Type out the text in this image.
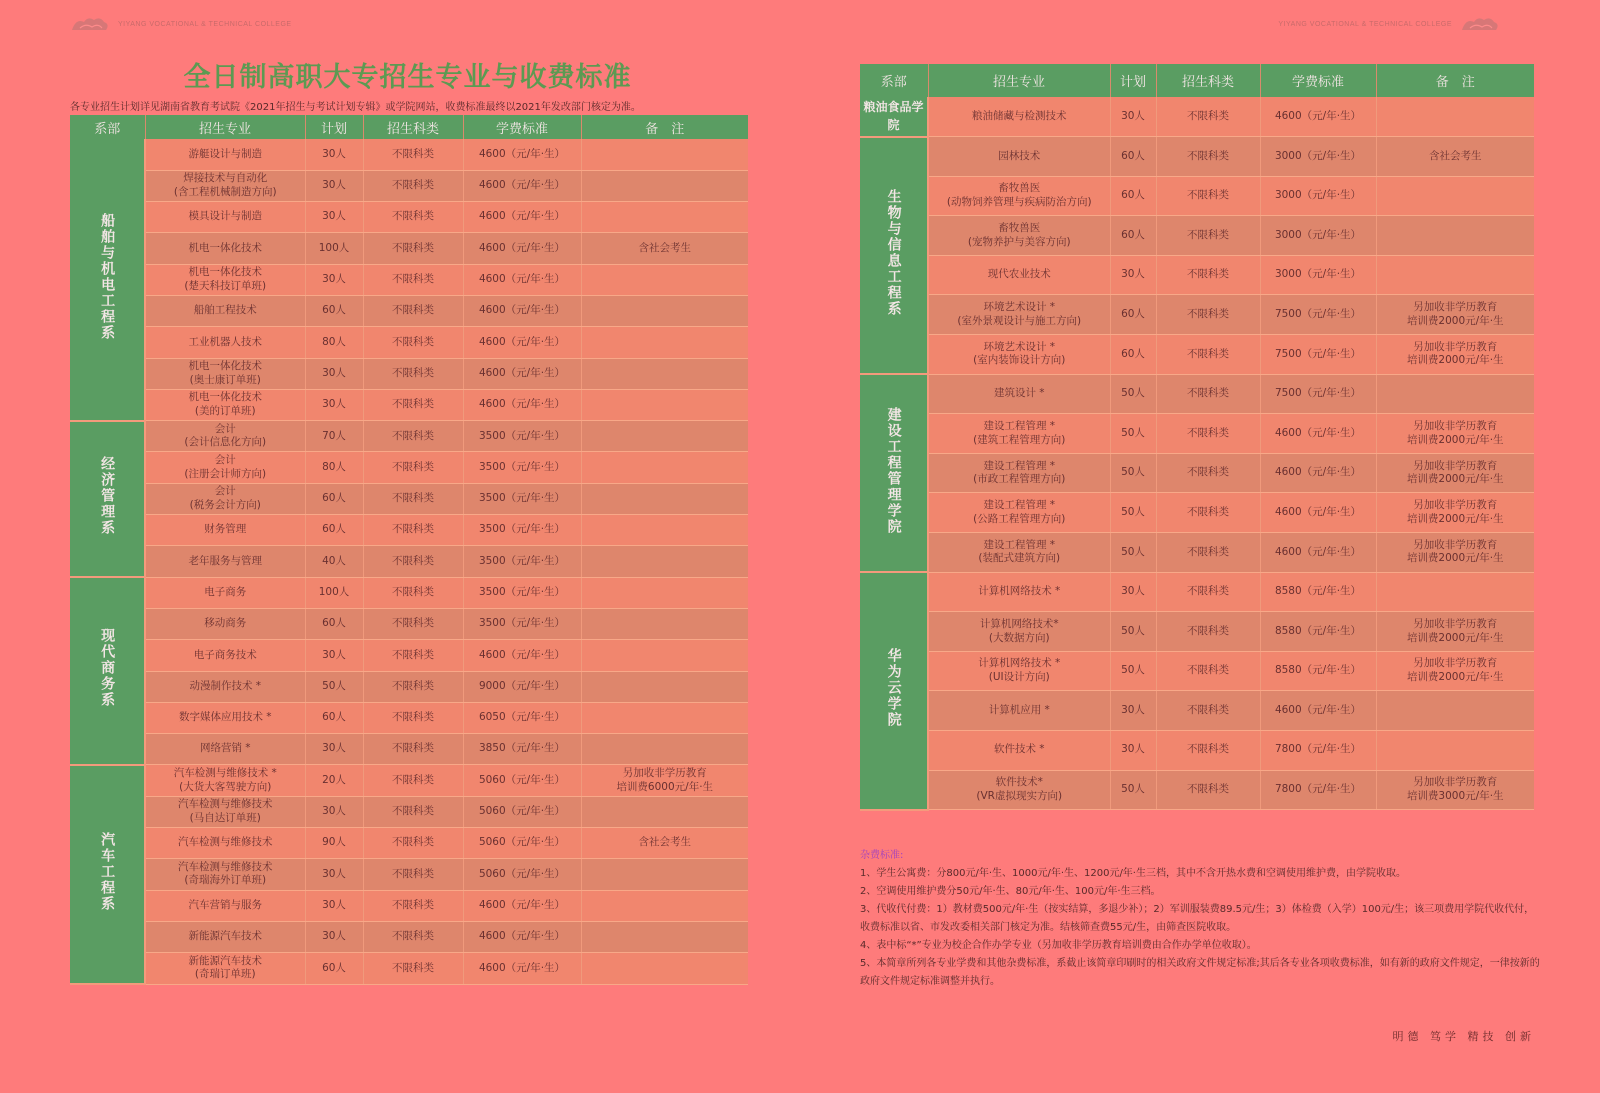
YIYANG VOCATIONAL & TECHNICAL COLLEGE	YIYANG VOCATIONAL & TECHNICAL COLLEGE
全日制高职大专招生专业与收费标准
各专业招生计划详见湖南省教育考试院《2021年招生与考试计划专辑》或学院网站，收费标准最终以2021年发改部门核定为准。
系部	招生专业	计划	招生科类	学费标准	备　注
船舶与机电工程系	游艇设计与制造	30人	不限科类	4600（元/年·生）	
	焊接技术与自动化
(含工程机械制造方向)	30人	不限科类	4600（元/年·生）	
	模具设计与制造	30人	不限科类	4600（元/年·生）	
	机电一体化技术	100人	不限科类	4600（元/年·生）	含社会考生
	机电一体化技术
(楚天科技订单班)	30人	不限科类	4600（元/年·生）	
	船舶工程技术	60人	不限科类	4600（元/年·生）	
	工业机器人技术	80人	不限科类	4600（元/年·生）	
	机电一体化技术
(奥士康订单班)	30人	不限科类	4600（元/年·生）	
	机电一体化技术
(美的订单班)	30人	不限科类	4600（元/年·生）	
经济管理系	会计
(会计信息化方向)	70人	不限科类	3500（元/年·生）	
	会计
(注册会计师方向)	80人	不限科类	3500（元/年·生）	
	会计
(税务会计方向)	60人	不限科类	3500（元/年·生）	
	财务管理	60人	不限科类	3500（元/年·生）	
	老年服务与管理	40人	不限科类	3500（元/年·生）	
现代商务系	电子商务	100人	不限科类	3500（元/年·生）	
	移动商务	60人	不限科类	3500（元/年·生）	
	电子商务技术	30人	不限科类	4600（元/年·生）	
	动漫制作技术 *	50人	不限科类	9000（元/年·生）	
	数字媒体应用技术 *	60人	不限科类	6050（元/年·生）	
	网络营销 *	30人	不限科类	3850（元/年·生）	
汽车工程系	汽车检测与维修技术 *
(大货大客驾驶方向)	20人	不限科类	5060（元/年·生）	另加收非学历教育
培训费6000元/年·生
	汽车检测与维修技术
(马自达订单班)	30人	不限科类	5060（元/年·生）	
	汽车检测与维修技术	90人	不限科类	5060（元/年·生）	含社会考生
	汽车检测与维修技术
(奇瑞海外订单班)	30人	不限科类	5060（元/年·生）	
	汽车营销与服务	30人	不限科类	4600（元/年·生）	
	新能源汽车技术	30人	不限科类	4600（元/年·生）	
	新能源汽车技术
(奇瑞订单班)	60人	不限科类	4600（元/年·生）	
系部	招生专业	计划	招生科类	学费标准	备　注
粮油食品学院	粮油储藏与检测技术	30人	不限科类	4600（元/年·生）	
生物与信息工程系	园林技术	60人	不限科类	3000（元/年·生）	含社会考生
	畜牧兽医
(动物饲养管理与疾病防治方向)	60人	不限科类	3000（元/年·生）	
	畜牧兽医
(宠物养护与美容方向)	60人	不限科类	3000（元/年·生）	
	现代农业技术	30人	不限科类	3000（元/年·生）	
	环境艺术设计 *
(室外景观设计与施工方向)	60人	不限科类	7500（元/年·生）	另加收非学历教育
培训费2000元/年·生
	环境艺术设计 *
(室内装饰设计方向)	60人	不限科类	7500（元/年·生）	另加收非学历教育
培训费2000元/年·生
建设工程管理学院	建筑设计 *	50人	不限科类	7500（元/年·生）	
	建设工程管理 *
(建筑工程管理方向)	50人	不限科类	4600（元/年·生）	另加收非学历教育
培训费2000元/年·生
	建设工程管理 *
(市政工程管理方向)	50人	不限科类	4600（元/年·生）	另加收非学历教育
培训费2000元/年·生
	建设工程管理 *
(公路工程管理方向)	50人	不限科类	4600（元/年·生）	另加收非学历教育
培训费2000元/年·生
	建设工程管理 *
(装配式建筑方向)	50人	不限科类	4600（元/年·生）	另加收非学历教育
培训费2000元/年·生
华为云学院	计算机网络技术 *	30人	不限科类	8580（元/年·生）	
	计算机网络技术*
(大数据方向)	50人	不限科类	8580（元/年·生）	另加收非学历教育
培训费2000元/年·生
	计算机网络技术 *
(UI设计方向)	50人	不限科类	8580（元/年·生）	另加收非学历教育
培训费2000元/年·生
	计算机应用 *	30人	不限科类	4600（元/年·生）	
	软件技术 *	30人	不限科类	7800（元/年·生）	
	软件技术*
(VR虚拟现实方向)	50人	不限科类	7800（元/年·生）	另加收非学历教育
培训费3000元/年·生
杂费标准:

1、学生公寓费：分800元/年·生、1000元/年·生、1200元/年·生三档，其中不含开热水费和空调使用维护费，由学院收取。

2、空调使用维护费分50元/年·生、80元/年·生、100元/年·生三档。

3、代收代付费：1）教材费500元/年·生（按实结算，多退少补）；2）军训服装费89.5元/生；3）体检费（入学）100元/生；该三项费用学院代收代付，收费标准以省、市发改委相关部门核定为准。结核筛查费55元/生，由筛查医院收取。

4、表中标“*”专业为校企合作办学专业（另加收非学历教育培训费由合作办学单位收取）。

5、本简章所列各专业学费和其他杂费标准，系截止该简章印刷时的相关政府文件规定标准;其后各专业各项收费标准，如有新的政府文件规定，一律按新的政府文件规定标准调整并执行。

明德 笃学 精技 创新
